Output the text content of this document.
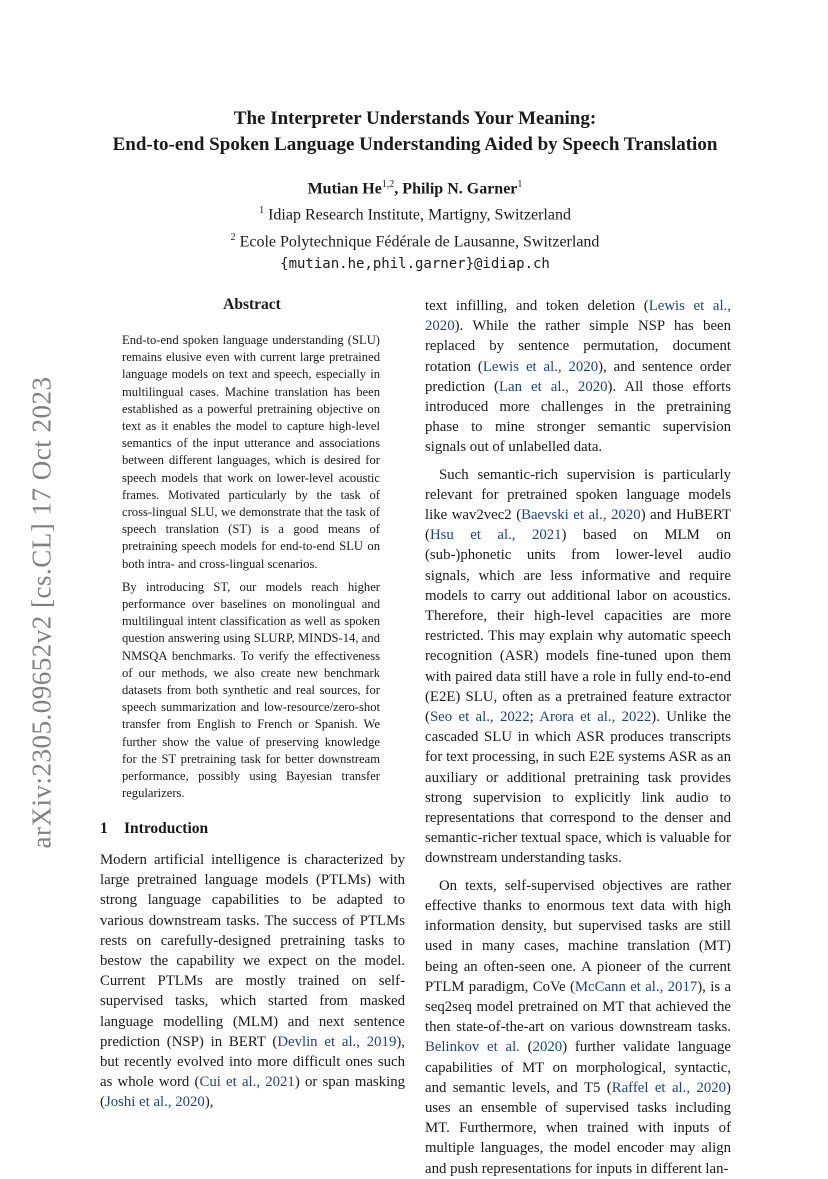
arXiv:2305.09652v2 [cs.CL] 17 Oct 2023
The Interpreter Understands Your Meaning:
End-to-end Spoken Language Understanding Aided by Speech Translation
Mutian He$^{1,2}$, Philip N. Garner$^1$
$^1$ Idiap Research Institute, Martigny, Switzerland
$^2$ Ecole Polytechnique Fédérale de Lausanne, Switzerland
{mutian.he,phil.garner}@idiap.ch
Abstract

End-to-end spoken language understanding (SLU) remains elusive even with current large pretrained language models on text and speech, especially in multilingual cases. Machine translation has been established as a powerful pretraining objective on text as it enables the model to capture high-level semantics of the input utterance and associations between different languages, which is desired for speech models that work on lower-level acoustic frames. Motivated particularly by the task of cross-lingual SLU, we demonstrate that the task of speech translation (ST) is a good means of pretraining speech models for end-to-end SLU on both intra- and cross-lingual scenarios.

By introducing ST, our models reach higher performance over baselines on monolingual and multilingual intent classification as well as spoken question answering using SLURP, MINDS-14, and NMSQA benchmarks. To verify the effectiveness of our methods, we also create new benchmark datasets from both synthetic and real sources, for speech summarization and low-resource/zero-shot transfer from English to French or Spanish. We further show the value of preserving knowledge for the ST pretraining task for better downstream performance, possibly using Bayesian transfer regularizers.

1 Introduction

Modern artificial intelligence is characterized by large pretrained language models (PTLMs) with strong language capabilities to be adapted to various downstream tasks. The success of PTLMs rests on carefully-designed pretraining tasks to bestow the capability we expect on the model. Current PTLMs are mostly trained on self-supervised tasks, which started from masked language modelling (MLM) and next sentence prediction (NSP) in BERT (Devlin et al., 2019), but recently evolved into more difficult ones such as whole word (Cui et al., 2021) or span masking (Joshi et al., 2020),

text infilling, and token deletion (Lewis et al., 2020). While the rather simple NSP has been replaced by sentence permutation, document rotation (Lewis et al., 2020), and sentence order prediction (Lan et al., 2020). All those efforts introduced more challenges in the pretraining phase to mine stronger semantic supervision signals out of unlabelled data.

Such semantic-rich supervision is particularly relevant for pretrained spoken language models like wav2vec2 (Baevski et al., 2020) and HuBERT (Hsu et al., 2021) based on MLM on (sub-)phonetic units from lower-level audio signals, which are less informative and require models to carry out additional labor on acoustics. Therefore, their high-level capacities are more restricted. This may explain why automatic speech recognition (ASR) models fine-tuned upon them with paired data still have a role in fully end-to-end (E2E) SLU, often as a pretrained feature extractor (Seo et al., 2022; Arora et al., 2022). Unlike the cascaded SLU in which ASR produces transcripts for text processing, in such E2E systems ASR as an auxiliary or additional pretraining task provides strong supervision to explicitly link audio to representations that correspond to the denser and semantic-richer textual space, which is valuable for downstream understanding tasks.

On texts, self-supervised objectives are rather effective thanks to enormous text data with high information density, but supervised tasks are still used in many cases, machine translation (MT) being an often-seen one. A pioneer of the current PTLM paradigm, CoVe (McCann et al., 2017), is a seq2seq model pretrained on MT that achieved the then state-of-the-art on various downstream tasks. Belinkov et al. (2020) further validate language capabilities of MT on morphological, syntactic, and semantic levels, and T5 (Raffel et al., 2020) uses an ensemble of supervised tasks including MT. Furthermore, when trained with inputs of multiple languages, the model encoder may align and push representations for inputs in different lan-
